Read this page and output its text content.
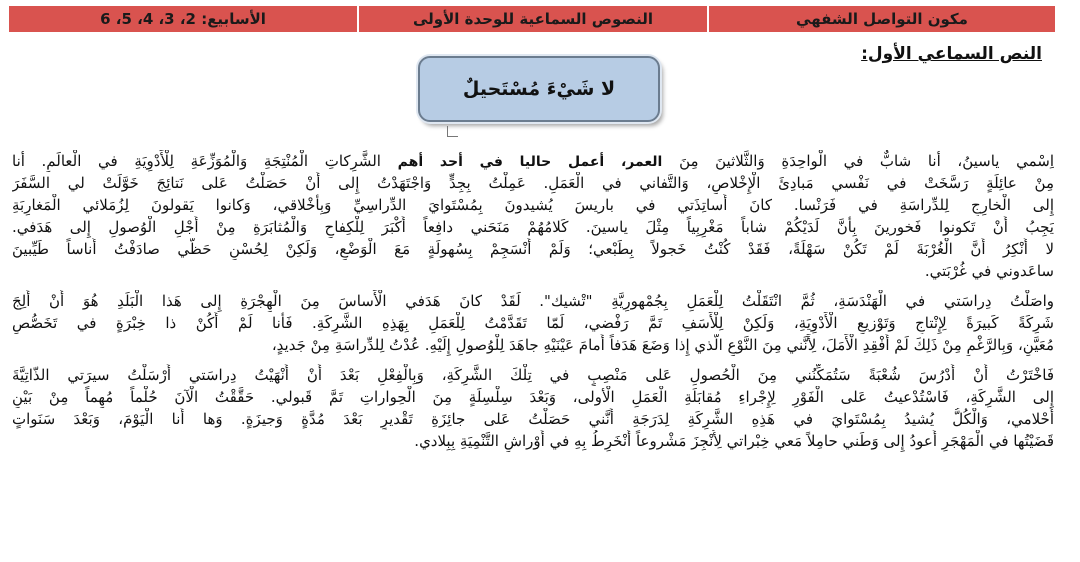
مكون التواصل الشفهي
النصوص السماعية للوحدة الأولى
الأسابيع: 2، 3، 4، 5، 6
النص السماعي الأول:
لا شَيْءَ مُسْتَحيلٌ
اِسْمي ياسينُ، أنا شابٌّ في الْواحِدَةِ وَالثَّلاثينَ مِنَ العمر، أعمل حاليا في أحد أهم الشَّرِكاتِ الْمُنْتِجَةِ وَالْمُوَزِّعَةِ لِلْأَدْوِيَةِ في الْعالَمِ. أنا
مِنْ عائِلَةٍ رَسَّخَتْ في نَفْسي مَبادِئَ الْإِخْلاصِ، وَالتَّفاني في الْعَمَلِ. عَمِلْتُ بِجِدٍّ وَاجْتَهَدْتُ إِلى أَنْ حَصَلْتُ عَلى نَتائِجَ خَوَّلَتْ لي السَّفَرَ
إِلى الْخارِجِ لِلدِّراسَةِ في فَرَنْسا. كانَ أَساتِذَتي في باريسَ يُشيدونَ بِمُسْتَوايَ الدِّراسِيِّ وَبِأَخْلاقي، وَكانوا يَقولونَ لِزُمَلائي الْمَغارِبَةِ
يَجِبُ أَنْ تَكونوا فَخورينَ بِأَنَّ لَدَيْكُمْ شاباً مَغْرِبِياً مِثْلَ ياسينَ. كَلامُهُمْ مَنَحَني دافِعاً أَكْبَرَ لِلْكِفاحِ وَالْمُثابَرَةِ مِنْ أَجْلِ الْوُصولِ إِلى هَدَفي.
لا أُنْكِرُ أَنَّ الْغُرْبَةَ لَمْ تَكُنْ سَهْلَةً، فَقَدْ كُنْتُ خَجولاً بِطَبْعي؛ وَلَمْ أَنْسَجِمْ بِسُهولَةٍ مَعَ الْوَضْعِ، وَلَكِنْ لِحُسْنِ حَظّي صادَفْتُ أُناساً طَيِّبينَ
ساعَدوني في غُرْبَتي.
واصَلْتُ دِراسَتي في الْهَنْدَسَةِ، ثُمَّ انْتَقَلْتُ لِلْعَمَلِ بِجُمْهورِيَّةِ "تْشيك". لَقَدْ كانَ هَدَفي الْأَساسَ مِنَ الْهِجْرَةِ إِلى هَذا الْبَلَدِ هُوَ أَنْ أَلِجَ
شَرِكَةً كَبيرَةً لِإِنْتاجِ وَتَوْزيعِ الْأَدْوِيَةِ، وَلَكِنْ لِلْأَسَفِ تَمَّ رَفْضي، لَمّا تَقَدَّمْتُ لِلْعَمَلِ بِهَذِهِ الشَّرِكَةِ. فَأَنا لَمْ أَكُنْ ذا خِبْرَةٍ في تَخَصُّصٍ
مُعَيَّنٍ، وَبِالرَّغْمِ مِنْ ذَلِكَ لَمْ أَفْقِدِ الْأَمَلَ، لِأَنَّني مِنَ النَّوْعِ الَّذي إِذا وَضَعَ هَدَفاً أَمامَ عَيْنَيْهِ جاهَدَ لِلْوُصولِ إِلَيْهِ. عُدْتُ لِلدِّراسَةِ مِنْ جَديدٍ،
فَاخْتَرْتُ أَنْ أَدْرُسَ شُعْبَةً سَتُمَكِّنُني مِنَ الْحُصولِ عَلى مَنْصِبٍ في تِلْكَ الشَّرِكَةِ، وَبِالْفِعْلِ بَعْدَ أَنْ أَنْهَيْتُ دِراسَتي أَرْسَلْتُ سيرَتي الذّاتِيَّةَ
إِلى الشَّرِكَةِ، فَاسْتُدْعيتُ عَلى الْفَوْرِ لِإِجْراءِ مُقابَلَةِ الْعَمَلِ الْأولى، وَبَعْدَ سِلْسِلَةٍ مِنَ الْحِواراتِ تَمَّ قَبولي. حَقَّقْتُ الْآنَ حُلْماً مُهِماً مِنْ بَيْنِ
أَحْلامي، وَالْكُلُّ يُشيدُ بِمُسْتَوايَ في هَذِهِ الشَّرِكَةِ لِدَرَجَةِ أَنَّني حَصَلْتُ عَلى جائِزَةِ تَقْديرٍ بَعْدَ مُدَّةٍ وَجيزَةٍ. وَها أَنا الْيَوْمَ، وَبَعْدَ سَنَواتٍ
قَضَيْتُها في الْمَهْجَرِ أَعودُ إِلى وَطَني حامِلاً مَعي خِبْراتي لِأُنْجِزَ مَشْروعاً أَنْخَرِطُ بِهِ في أَوْراشِ التَّنْمِيَةِ بِبِلادي.
